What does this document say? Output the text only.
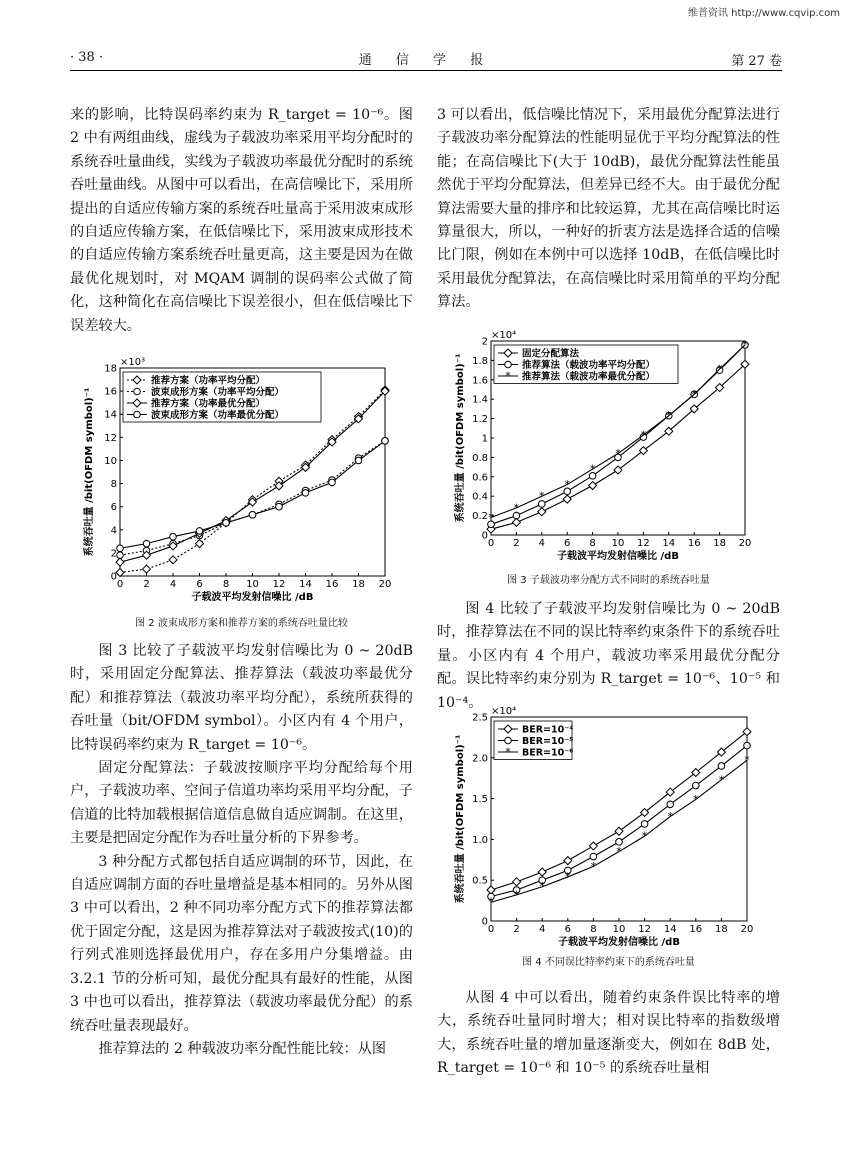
维普资讯 http://www.cqvip.com
· 38 ·	通 信 学 报	第 27 卷

来的影响，比特误码率约束为 R_target = 10⁻⁶。图 2 中有两组曲线，虚线为子载波功率采用平均分配时的系统吞吐量曲线，实线为子载波功率最优分配时的系统吞吐量曲线。从图中可以看出，在高信噪比下，采用所提出的自适应传输方案的系统吞吐量高于采用波束成形的自适应传输方案，在低信噪比下，采用波束成形技术的自适应传输方案系统吞吐量更高，这主要是因为在做最优化规划时，对 MQAM 调制的误码率公式做了简化，这种简化在高信噪比下误差很小，但在低信噪比下误差较大。

0 2 4 6 8 10 12 14 16 18 20
0
2
4
6
8
10
12
14
16
18
×10³
子载波平均发射信噪比 /dB
系统吞吐量 /bit(OFDM symbol)⁻¹
推荐方案（功率平均分配）
波束成形方案（功率平均分配）
推荐方案（功率最优分配）
波束成形方案（功率最优分配）
图 2 波束成形方案和推荐方案的系统吞吐量比较

图 3 比较了子载波平均发射信噪比为 0 ~ 20dB 时，采用固定分配算法、推荐算法（载波功率最优分配）和推荐算法（载波功率平均分配），系统所获得的吞吐量（bit/OFDM symbol）。小区内有 4 个用户，比特误码率约束为 R_target = 10⁻⁶。

固定分配算法：子载波按顺序平均分配给每个用户，子载波功率、空间子信道功率均采用平均分配，子信道的比特加载根据信道信息做自适应调制。在这里，主要是把固定分配作为吞吐量分析的下界参考。

3 种分配方式都包括自适应调制的环节，因此，在自适应调制方面的吞吐量增益是基本相同的。另外从图 3 中可以看出，2 种不同功率分配方式下的推荐算法都优于固定分配，这是因为推荐算法对子载波按式(10)的行列式准则选择最优用户，存在多用户分集增益。由 3.2.1 节的分析可知，最优分配具有最好的性能，从图 3 中也可以看出，推荐算法（载波功率最优分配）的系统吞吐量表现最好。

推荐算法的 2 种载波功率分配性能比较：从图

3 可以看出，低信噪比情况下，采用最优分配算法进行子载波功率分配算法的性能明显优于平均分配算法的性能；在高信噪比下(大于 10dB)，最优分配算法性能虽然优于平均分配算法，但差异已经不大。由于最优分配算法需要大量的排序和比较运算，尤其在高信噪比时运算量很大，所以，一种好的折衷方法是选择合适的信噪比门限，例如在本例中可以选择 10dB，在低信噪比时采用最优分配算法，在高信噪比时采用简单的平均分配算法。

0 2 4 6 8 10 12 14 16 18 20
0
0.2
0.4
0.6
0.8
1
1.2
1.4
1.6
1.8
2
×10⁴
子载波平均发射信噪比 /dB
系统吞吐量 /bit(OFDM symbol)⁻¹ *
*
*
*
*
*
*
*
*
*
*
固定分配算法
推荐算法（载波功率平均分配）
* 推荐算法（载波功率最优分配）
图 3 子载波功率分配方式不同时的系统吞吐量

图 4 比较了子载波平均发射信噪比为 0 ~ 20dB 时，推荐算法在不同的误比特率约束条件下的系统吞吐量。小区内有 4 个用户，载波功率采用最优分配分配。误比特率约束分别为 R_target = 10⁻⁶、10⁻⁵ 和 10⁻⁴。

0 2 4 6 8 10 12 14 16 18 20
0
0.5
1.0
1.5
2.0
2.5
×10⁴
子载波平均发射信噪比 /dB
系统吞吐量 /bit(OFDM symbol)⁻¹ *
*
*
*
*
*
*
*
*
*
*
BER=10⁻⁴
BER=10⁻⁵
* BER=10⁻⁶
图 4 不同误比特率约束下的系统吞吐量

从图 4 中可以看出，随着约束条件误比特率的增大，系统吞吐量同时增大；相对误比特率的指数级增大，系统吞吐量的增加量逐渐变大，例如在 8dB 处，R_target = 10⁻⁶ 和 10⁻⁵ 的系统吞吐量相
